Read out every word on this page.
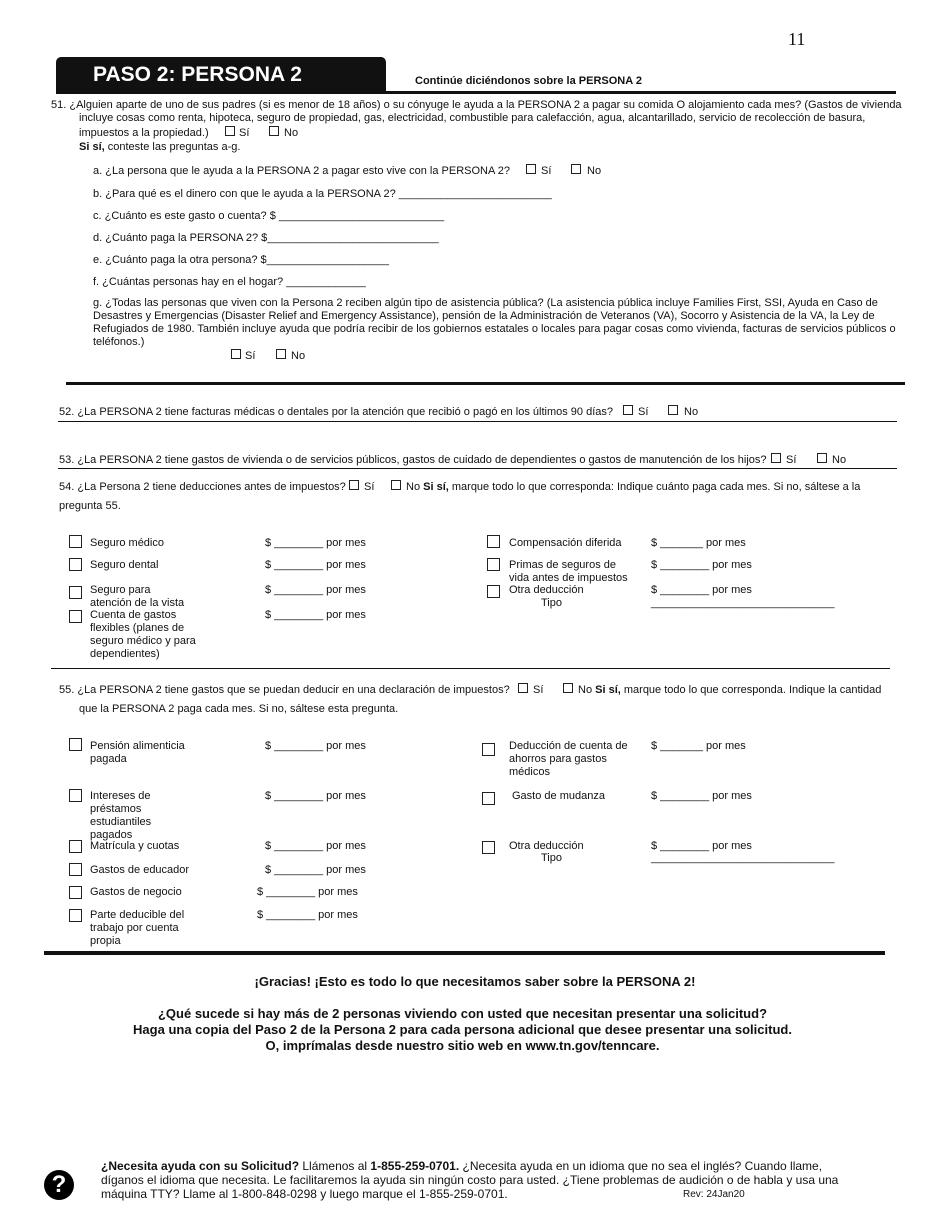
11
PASO 2: PERSONA 2	Continúe diciéndonos sobre la PERSONA 2
51. ¿Alguien aparte de uno de sus padres (si es menor de 18 años) o su cónyuge le ayuda a la PERSONA 2 a pagar su comida O alojamiento cada mes? (Gastos de vivienda
incluye cosas como renta, hipoteca, seguro de propiedad, gas, electricidad, combustible para calefacción, agua, alcantarillado, servicio de recolección de basura,
impuestos a la propiedad.)	Sí	No
Si sí, conteste las preguntas a-g.
a. ¿La persona que le ayuda a la PERSONA 2 a pagar esto vive con la PERSONA 2?	Sí	No
b. ¿Para qué es el dinero con que le ayuda a la PERSONA 2? _________________________
c. ¿Cuánto es este gasto o cuenta? $ ___________________________
d. ¿Cuánto paga la PERSONA 2? $____________________________
e. ¿Cuánto paga la otra persona? $____________________
f. ¿Cuántas personas hay en el hogar? _____________
g. ¿Todas las personas que viven con la Persona 2 reciben algún tipo de asistencia pública? (La asistencia pública incluye Families First, SSI, Ayuda en Caso de
Desastres y Emergencias (Disaster Relief and Emergency Assistance), pensión de la Administración de Veteranos (VA), Socorro y Asistencia de la VA, la Ley de
Refugiados de 1980. También incluye ayuda que podría recibir de los gobiernos estatales o locales para pagar cosas como vivienda, facturas de servicios públicos o
teléfonos.)
Sí	No
52. ¿La PERSONA 2 tiene facturas médicas o dentales por la atención que recibió o pagó en los últimos 90 días? Sí	No
53. ¿La PERSONA 2 tiene gastos de vivienda o de servicios públicos, gastos de cuidado de dependientes o gastos de manutención de los hijos? Sí	No
54. ¿La Persona 2 tiene deducciones antes de impuestos? Sí	No Si sí, marque todo lo que corresponda: Indique cuánto paga cada mes. Si no, sáltese a la
pregunta 55.
Seguro médico	$ ________ por mes
Seguro dental	$ ________ por mes
Seguro para
atención de la vista
$ ________ por mes
Cuenta de gastos
flexibles (planes de
seguro médico y para
dependientes)
$ ________ por mes
Compensación diferida	$ _______ por mes
Primas de seguros de
vida antes de impuestos
$ ________ por mes
Otra deducción
Tipo
$ ________ por mes
______________________________
55. ¿La PERSONA 2 tiene gastos que se puedan deducir en una declaración de impuestos? Sí	No Si sí, marque todo lo que corresponda. Indique la cantidad
que la PERSONA 2 paga cada mes. Si no, sáltese esta pregunta.
Pensión alimenticia
pagada
$ ________ por mes
Intereses de
préstamos
estudiantiles
pagados
$ ________ por mes
Matrícula y cuotas	$ ________ por mes
Gastos de educador	$ ________ por mes
Gastos de negocio	$ ________ por mes
Parte deducible del
trabajo por cuenta
propia
$ ________ por mes
Deducción de cuenta de
ahorros para gastos
médicos
$ _______ por mes
Gasto de mudanza	$ ________ por mes
Otra deducción
Tipo
$ ________ por mes
______________________________
¡Gracias! ¡Esto es todo lo que necesitamos saber sobre la PERSONA 2!
¿Qué sucede si hay más de 2 personas viviendo con usted que necesitan presentar una solicitud?
Haga una copia del Paso 2 de la Persona 2 para cada persona adicional que desee presentar una solicitud.
O, imprímalas desde nuestro sitio web en www.tn.gov/tenncare.
?
¿Necesita ayuda con su Solicitud? Llámenos al 1-855-259-0701. ¿Necesita ayuda en un idioma que no sea el inglés? Cuando llame,
díganos el idioma que necesita. Le facilitaremos la ayuda sin ningún costo para usted. ¿Tiene problemas de audición o de habla y usa una
máquina TTY? Llame al 1-800-848-0298 y luego marque el 1-855-259-0701.	Rev: 24Jan20
